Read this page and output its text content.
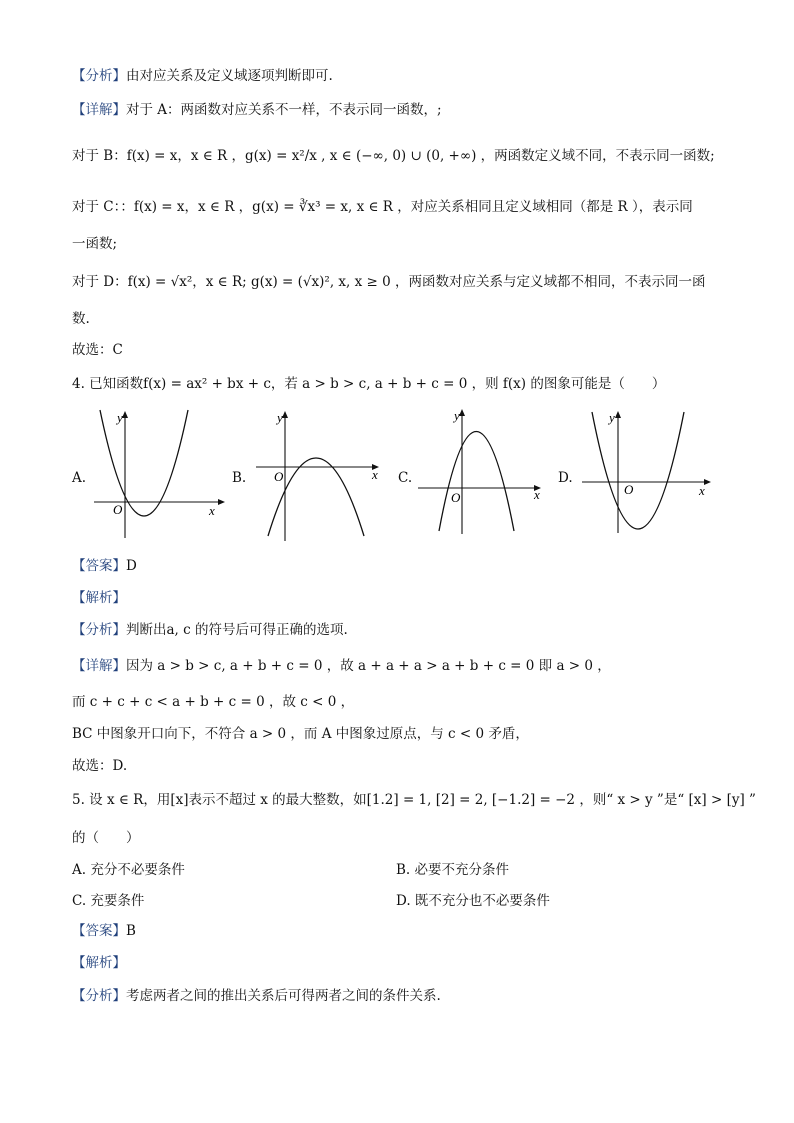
【分析】由对应关系及定义域逐项判断即可.
【详解】对于 A：两函数对应关系不一样，不表示同一函数，;
对于 B：f(x) = x，x ∈ R ，g(x) = x²/x , x ∈ (−∞, 0) ∪ (0, +∞) ，两函数定义域不同，不表示同一函数;
对于 C：：f(x) = x，x ∈ R ，g(x) = ∛x³ = x, x ∈ R ，对应关系相同且定义域相同（都是 R ），表示同
一函数;
对于 D：f(x) = √x²，x ∈ R; g(x) = (√x)², x, x ≥ 0 ，两函数对应关系与定义域都不相同，不表示同一函
数.
故选：C
4. 已知函数f(x) = ax² + bx + c，若 a > b > c, a + b + c = 0 ，则 f(x) 的图象可能是（　　）
A.
O	x
y
B. O	x
y
C.
O	x
y
D.
O	x
y
【答案】D
【解析】
【分析】判断出a, c 的符号后可得正确的选项.
【详解】因为 a > b > c, a + b + c = 0 ，故 a + a + a > a + b + c = 0 即 a > 0 ，
而 c + c + c < a + b + c = 0 ，故 c < 0 ，
BC 中图象开口向下，不符合 a > 0 ，而 A 中图象过原点，与 c < 0 矛盾，
故选：D.
5. 设 x ∈ R，用[x]表示不超过 x 的最大整数，如[1.2] = 1, [2] = 2, [−1.2] = −2 ，则“ x > y ”是“ [x] > [y] ”
的（　　）
A. 充分不必要条件	B. 必要不充分条件
C. 充要条件	D. 既不充分也不必要条件
【答案】B
【解析】
【分析】考虑两者之间的推出关系后可得两者之间的条件关系.
